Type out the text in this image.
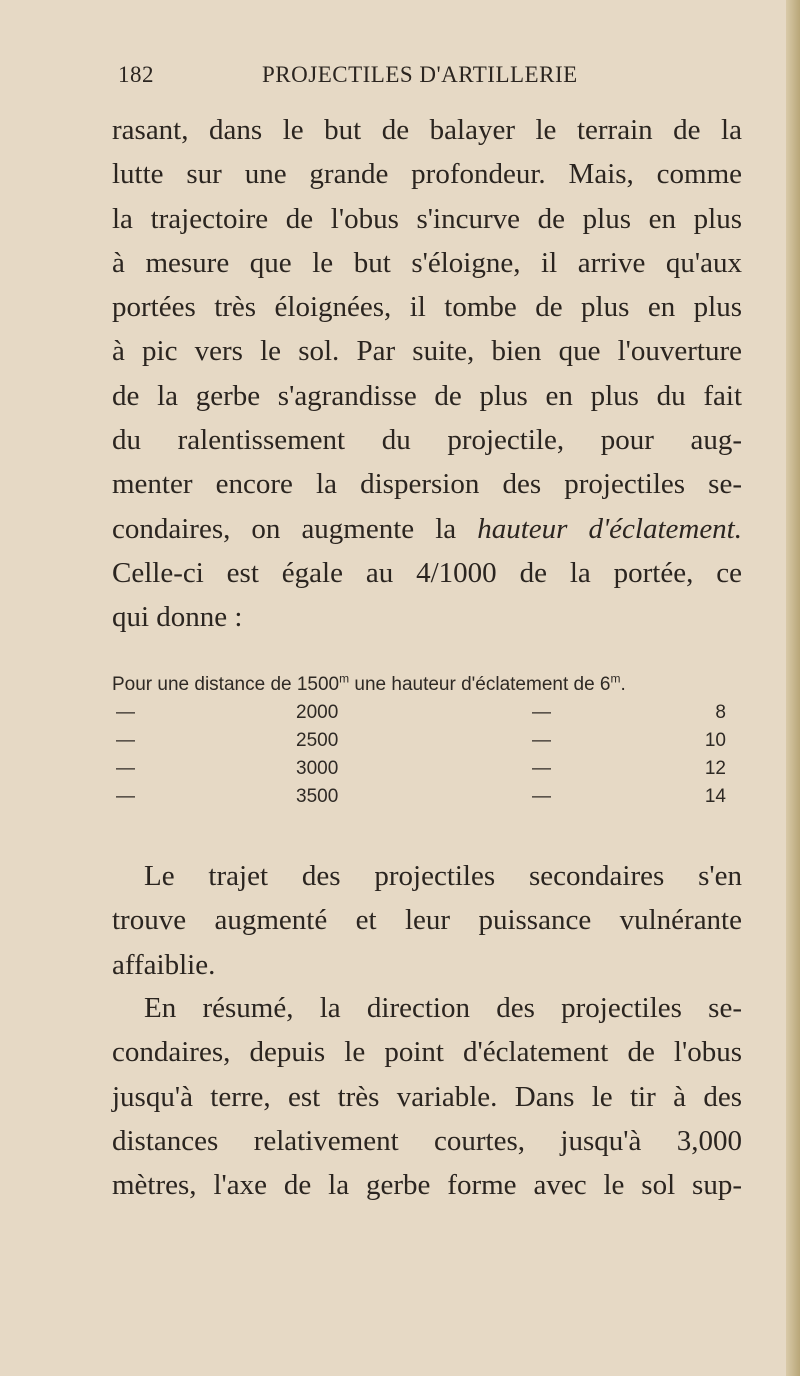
182	PROJECTILES D'ARTILLERIE

rasant, dans le but de balayer le terrain de la
lutte sur une grande profondeur. Mais, comme
la trajectoire de l'obus s'incurve de plus en plus
à mesure que le but s'éloigne, il arrive qu'aux
portées très éloignées, il tombe de plus en plus
à pic vers le sol. Par suite, bien que l'ouverture
de la gerbe s'agrandisse de plus en plus du fait
du ralentissement du projectile, pour aug-
menter encore la dispersion des projectiles se-
condaires, on augmente la hauteur d'éclatement.
Celle-ci est égale au 4/1000 de la portée, ce
qui donne :

Pour une distance de 1500$^m$ une hauteur d'éclatement de 6$^m$.
—	2000	—	8
—	2500	—	10
—	3000	—	12
—	3500	—	14

Le trajet des projectiles secondaires s'en
trouve augmenté et leur puissance vulnérante
affaiblie.

En résumé, la direction des projectiles se-
condaires, depuis le point d'éclatement de l'obus
jusqu'à terre, est très variable. Dans le tir à des
distances relativement courtes, jusqu'à 3,000
mètres, l'axe de la gerbe forme avec le sol sup-
